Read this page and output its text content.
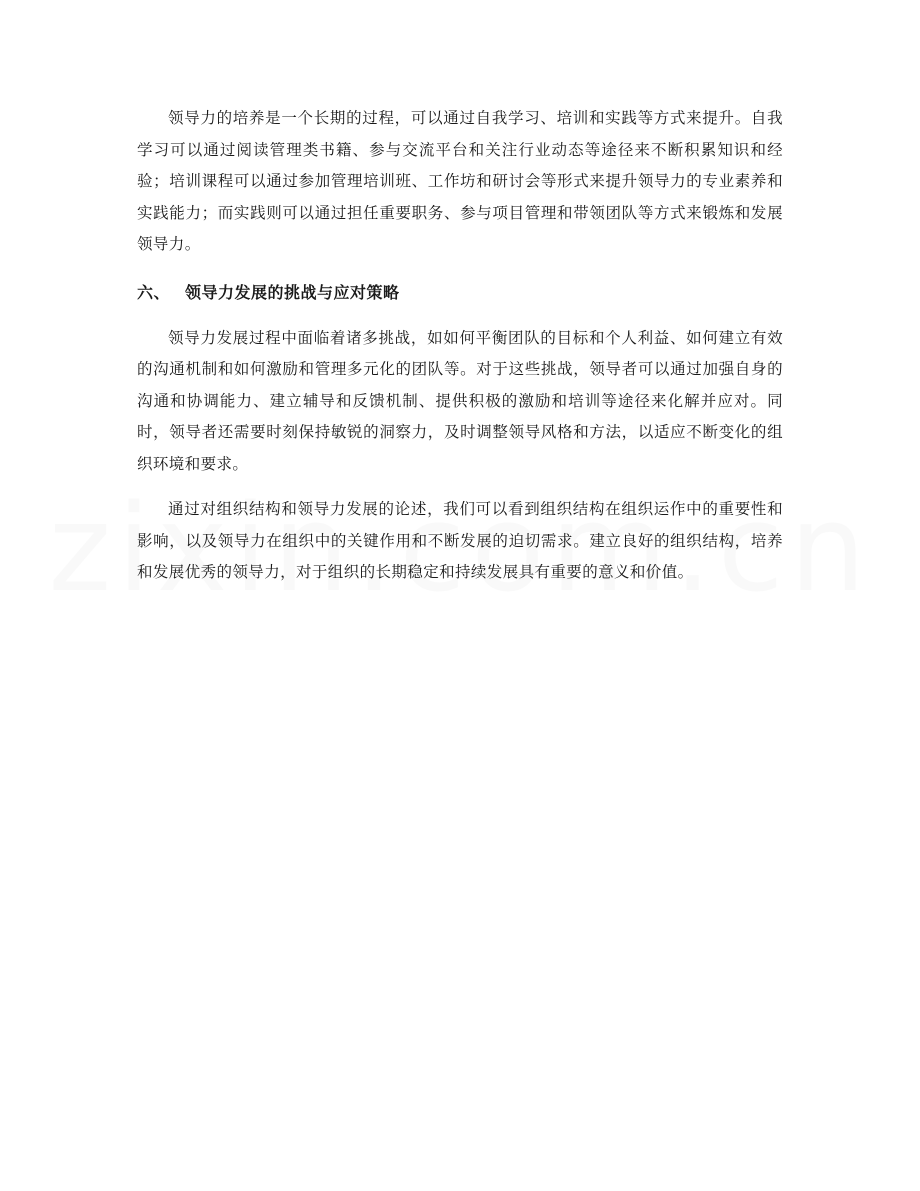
领导力的培养是一个长期的过程，可以通过自我学习、培训和实践等方式来提升。自我学习可以通过阅读管理类书籍、参与交流平台和关注行业动态等途径来不断积累知识和经验；培训课程可以通过参加管理培训班、工作坊和研讨会等形式来提升领导力的专业素养和实践能力；而实践则可以通过担任重要职务、参与项目管理和带领团队等方式来锻炼和发展领导力。

六、 领导力发展的挑战与应对策略

领导力发展过程中面临着诸多挑战，如如何平衡团队的目标和个人利益、如何建立有效的沟通机制和如何激励和管理多元化的团队等。对于这些挑战，领导者可以通过加强自身的沟通和协调能力、建立辅导和反馈机制、提供积极的激励和培训等途径来化解并应对。同时，领导者还需要时刻保持敏锐的洞察力，及时调整领导风格和方法，以适应不断变化的组织环境和要求。

通过对组织结构和领导力发展的论述，我们可以看到组织结构在组织运作中的重要性和影响，以及领导力在组织中的关键作用和不断发展的迫切需求。建立良好的组织结构，培养和发展优秀的领导力，对于组织的长期稳定和持续发展具有重要的意义和价值。
